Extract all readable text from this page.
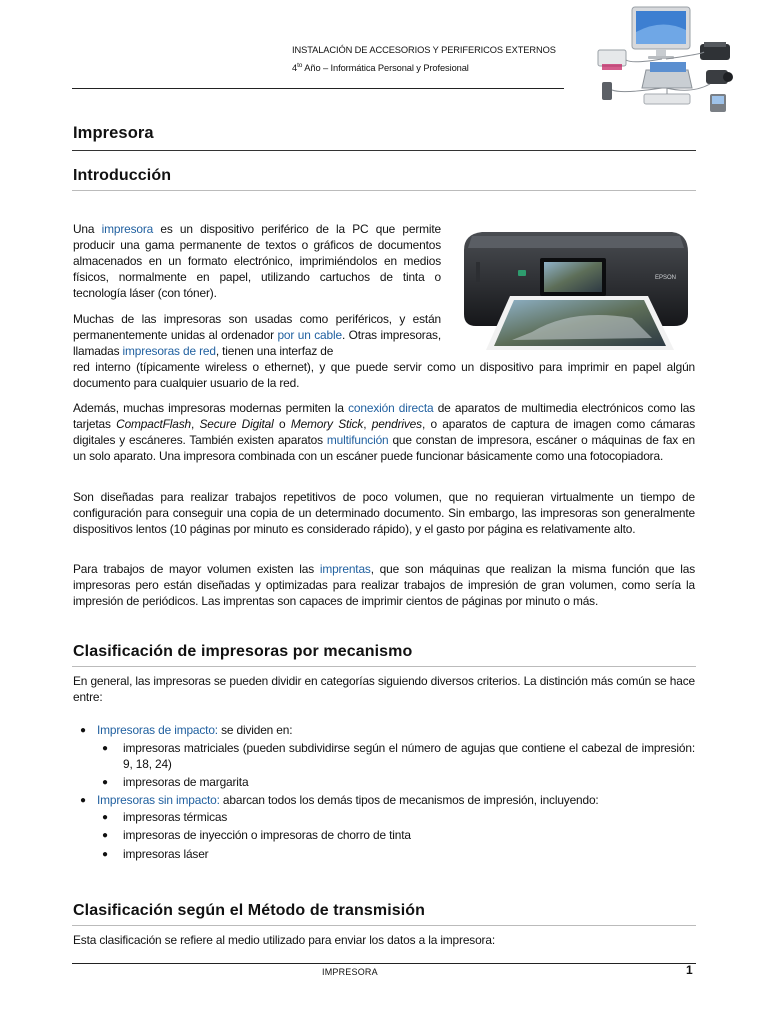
INSTALACIÓN DE ACCESORIOS Y PERIFERICOS EXTERNOS
$4^{to}$ Año – Informática Personal y Profesional
Impresora
Introducción
Una impresora es un dispositivo periférico de la PC que permite producir una gama permanente de textos o gráficos de documentos almacenados en un formato electrónico, imprimiéndolos en medios físicos, normalmente en papel, utilizando cartuchos de tinta o tecnología láser (con tóner).
EPSON
Muchas de las impresoras son usadas como periféricos, y están permanentemente unidas al ordenador por un cable. Otras impresoras, llamadas impresoras de red, tienen una interfaz de
red interno (típicamente wireless o ethernet), y que puede servir como un dispositivo para imprimir en papel algún documento para cualquier usuario de la red.
Además, muchas impresoras modernas permiten la conexión directa de aparatos de multimedia electrónicos como las tarjetas CompactFlash, Secure Digital o Memory Stick, pendrives, o aparatos de captura de imagen como cámaras digitales y escáneres. También existen aparatos multifunción que constan de impresora, escáner o máquinas de fax en un solo aparato. Una impresora combinada con un escáner puede funcionar básicamente como una fotocopiadora.
Son diseñadas para realizar trabajos repetitivos de poco volumen, que no requieran virtualmente un tiempo de configuración para conseguir una copia de un determinado documento. Sin embargo, las impresoras son generalmente dispositivos lentos (10 páginas por minuto es considerado rápido), y el gasto por página es relativamente alto.
Para trabajos de mayor volumen existen las imprentas, que son máquinas que realizan la misma función que las impresoras pero están diseñadas y optimizadas para realizar trabajos de impresión de gran volumen, como sería la impresión de periódicos. Las imprentas son capaces de imprimir cientos de páginas por minuto o más.
Clasificación de impresoras por mecanismo
En general, las impresoras se pueden dividir en categorías siguiendo diversos criterios. La distinción más común se hace entre:
● Impresoras de impacto: se dividen en:
● impresoras matriciales (pueden subdividirse según el número de agujas que contiene el cabezal de impresión: 9, 18, 24)
● impresoras de margarita
● Impresoras sin impacto: abarcan todos los demás tipos de mecanismos de impresión, incluyendo:
● impresoras térmicas
● impresoras de inyección o impresoras de chorro de tinta
● impresoras láser
Clasificación según el Método de transmisión
Esta clasificación se refiere al medio utilizado para enviar los datos a la impresora:
IMPRESORA	1
